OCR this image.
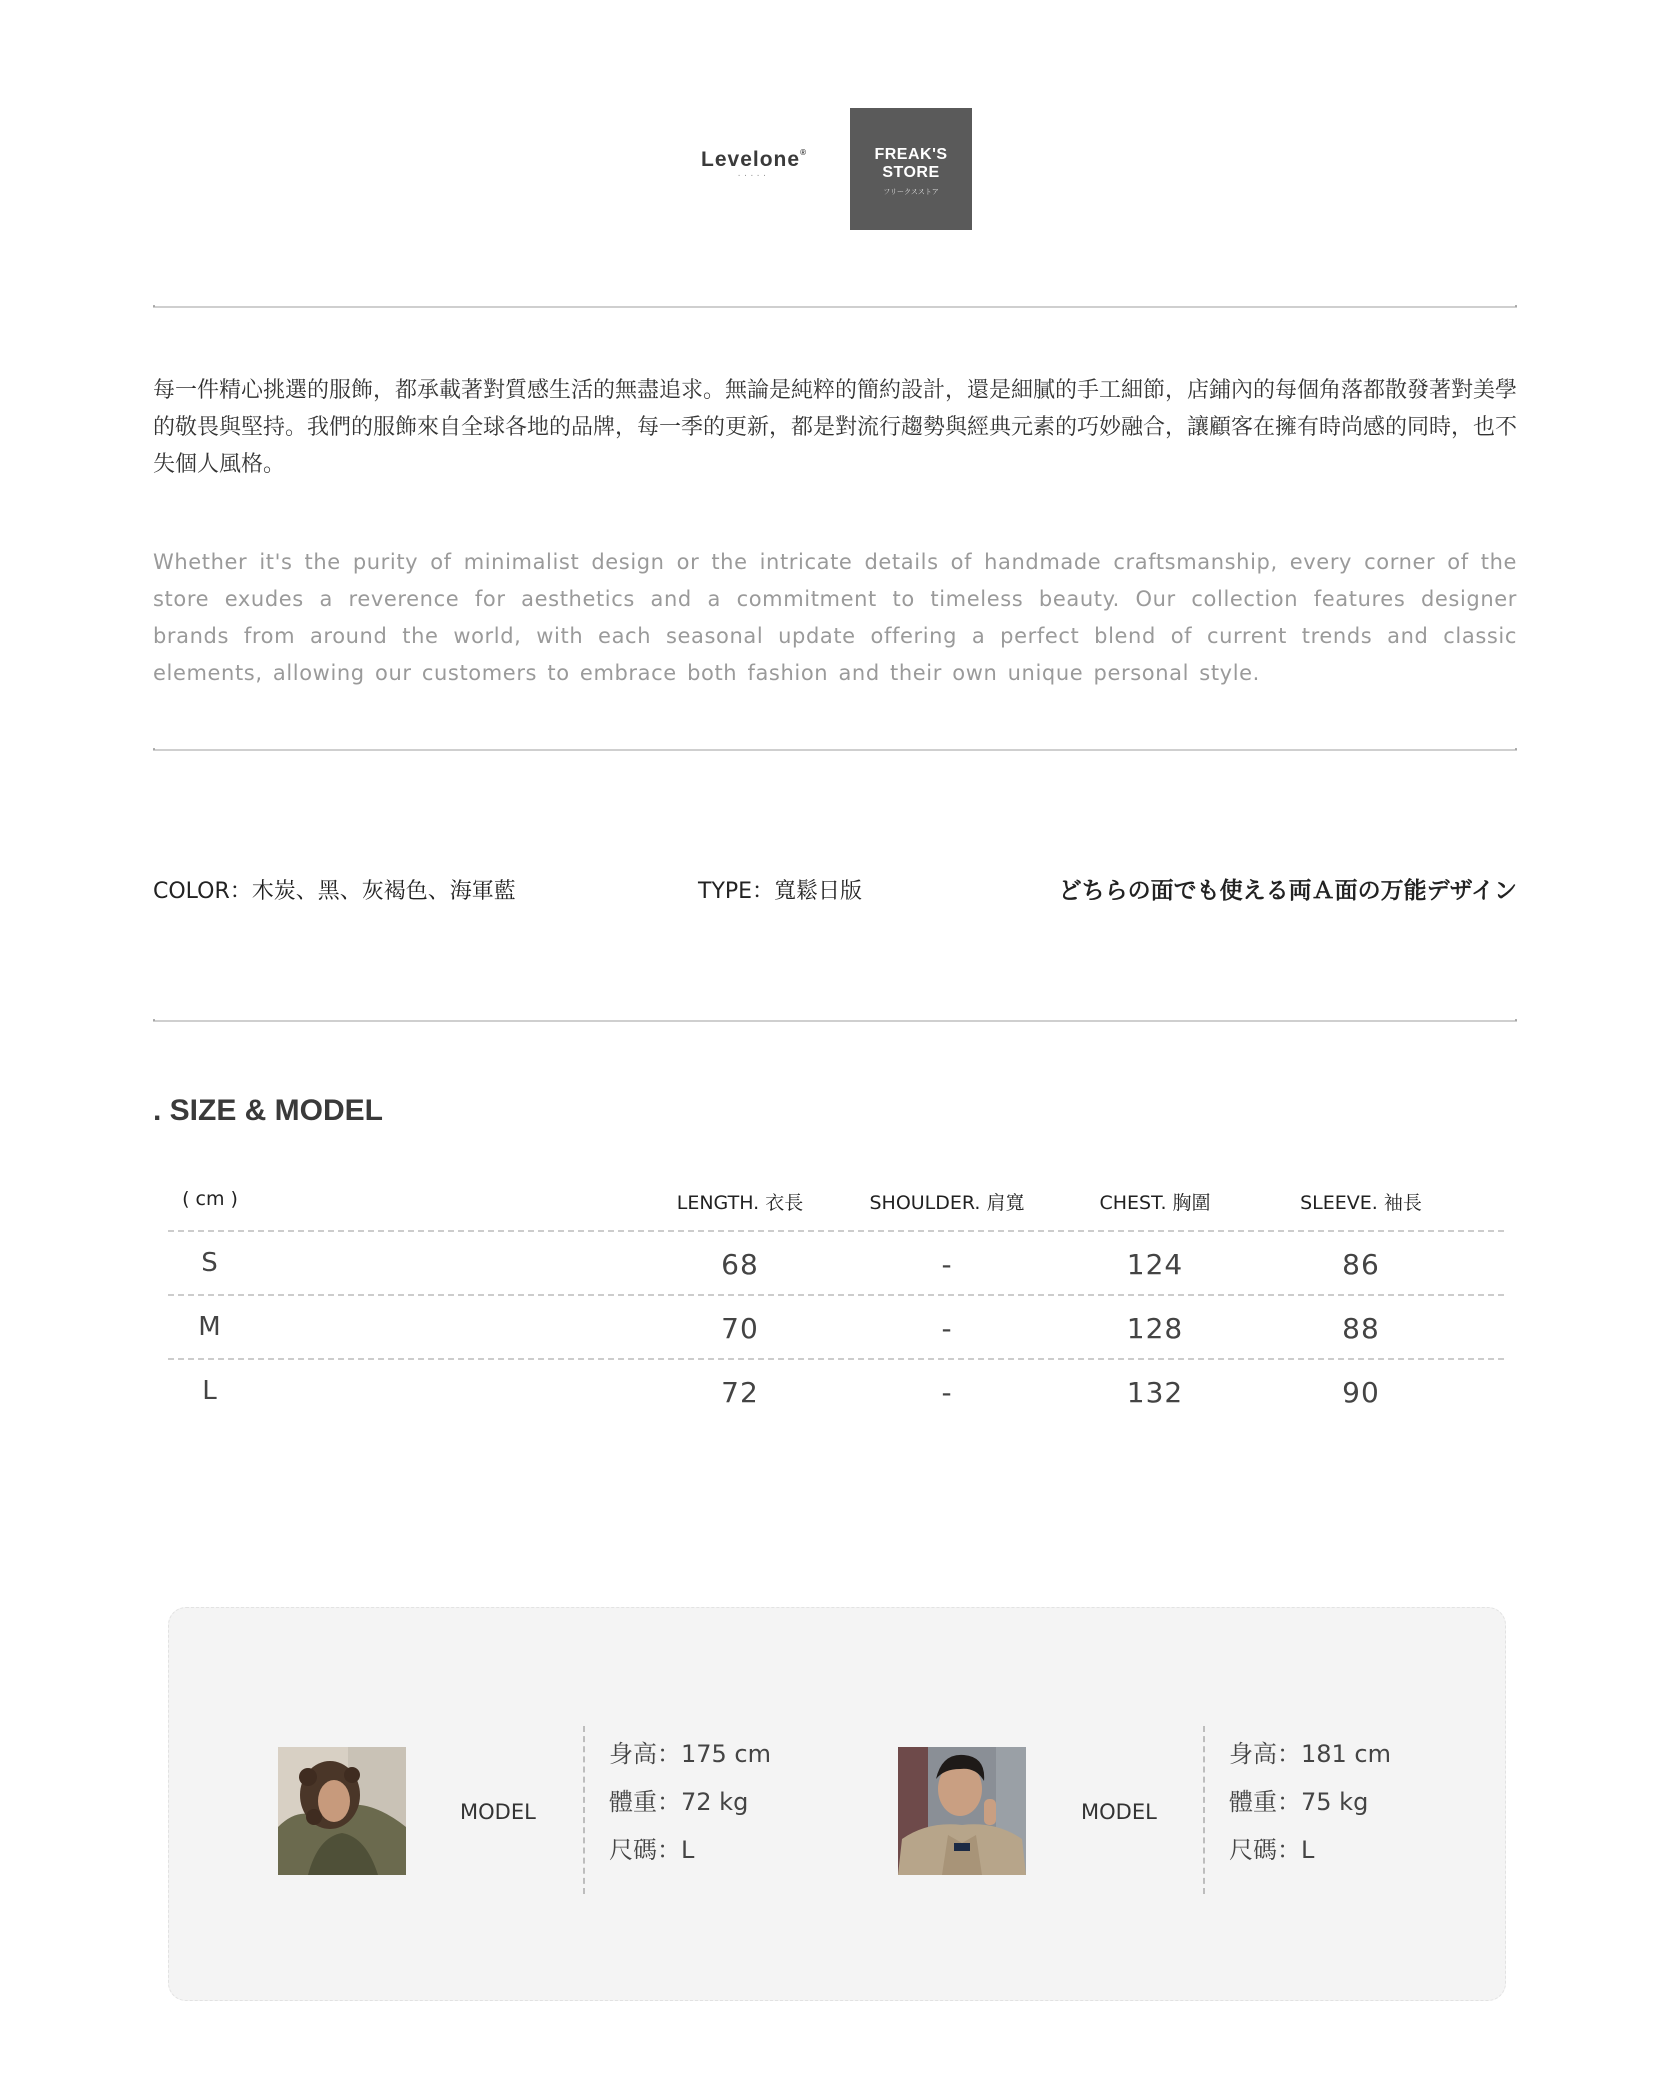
Levelone®
·····
FREAK'S
STORE
フリークスストア
每一件精心挑選的服飾，都承載著對質感生活的無盡追求。無論是純粹的簡約設計，還是細膩的手工細節，店鋪內的每個角落都散發著對美學的敬畏與堅持。我們的服飾來自全球各地的品牌，每一季的更新，都是對流行趨勢與經典元素的巧妙融合，讓顧客在擁有時尚感的同時，也不失個人風格。
Whether it's the purity of minimalist design or the intricate details of handmade craftsmanship, every corner of the store exudes a reverence for aesthetics and a commitment to timeless beauty. Our collection features designer brands from around the world, with each seasonal update offering a perfect blend of current trends and classic elements, allowing our customers to embrace both fashion and their own unique personal style.
COLOR：木炭、黑、灰褐色、海軍藍	TYPE：寬鬆日版	どちらの面でも使える両Ａ面の万能デザイン
. SIZE & MODEL
( cm )	LENGTH. 衣長	SHOULDER. 肩寬	CHEST. 胸圍	SLEEVE. 袖長
S	68	-	124	86
M	70	-	128	88
L	72	-	132	90
MODEL
身高：175 cm
體重：72 kg
尺碼：L
MODEL
身高：181 cm
體重：75 kg
尺碼：L
